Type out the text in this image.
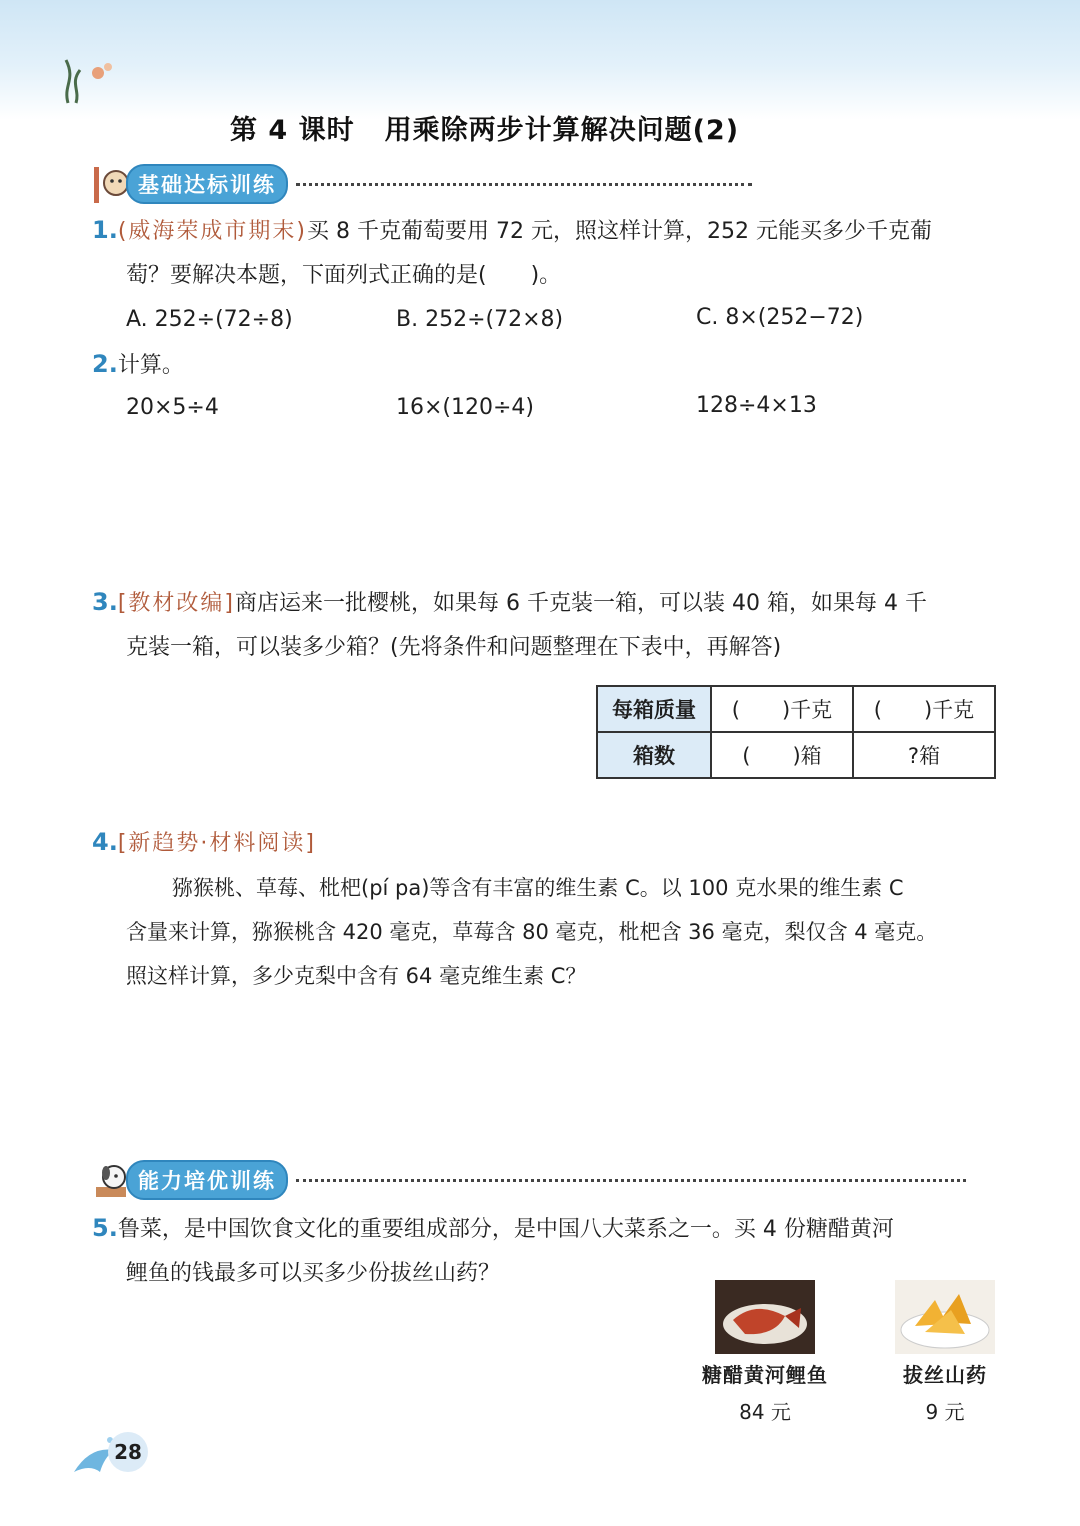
第 4 课时 用乘除两步计算解决问题(2)
基础达标训练
1.(威海荣成市期末)买 8 千克葡萄要用 72 元，照这样计算，252 元能买多少千克葡
萄？要解决本题，下面列式正确的是(　　)。
A. 252÷(72÷8)	B. 252÷(72×8)	C. 8×(252−72)
2.计算。
20×5÷4	16×(120÷4)	128÷4×13
3.[教材改编]商店运来一批樱桃，如果每 6 千克装一箱，可以装 40 箱，如果每 4 千
克装一箱，可以装多少箱？(先将条件和问题整理在下表中，再解答)
每箱质量	(　　)千克	(　　)千克
箱数	(　　)箱	?箱
4.[新趋势·材料阅读]
猕猴桃、草莓、枇杷(pí pa)等含有丰富的维生素 C。以 100 克水果的维生素 C
含量来计算，猕猴桃含 420 毫克，草莓含 80 毫克，枇杷含 36 毫克，梨仅含 4 毫克。
照这样计算，多少克梨中含有 64 毫克维生素 C？
能力培优训练
5.鲁菜，是中国饮食文化的重要组成部分，是中国八大菜系之一。买 4 份糖醋黄河
鲤鱼的钱最多可以买多少份拔丝山药？
糖醋黄河鲤鱼
84 元
拔丝山药
9 元
28
